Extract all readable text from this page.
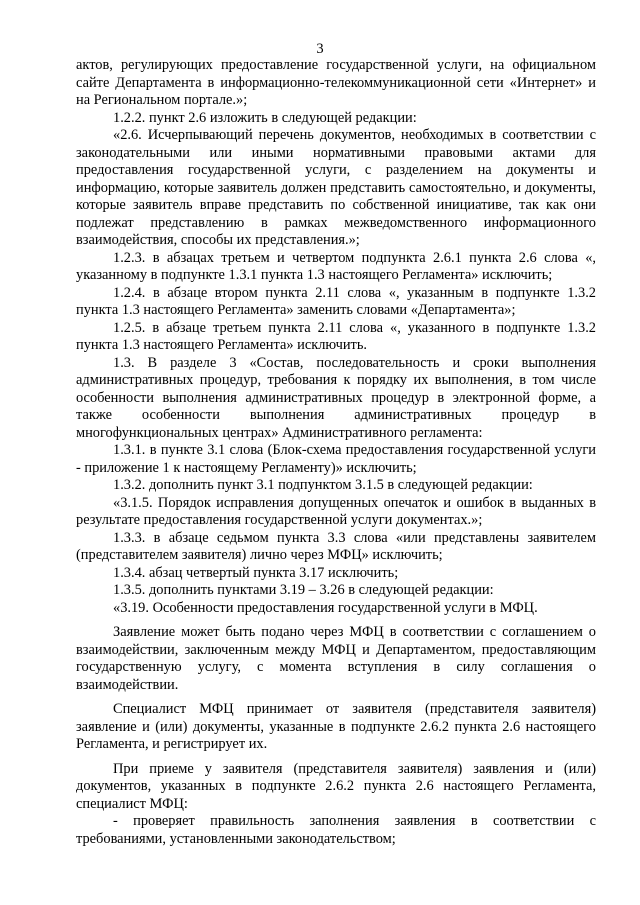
3

актов, регулирующих предоставление государственной услуги, на официальном сайте Департамента в информационно-телекоммуникационной сети «Интернет» и на Региональном портале.»;

1.2.2. пункт 2.6 изложить в следующей редакции:

«2.6. Исчерпывающий перечень документов, необходимых в соответствии с законодательными или иными нормативными правовыми актами для предоставления государственной услуги, с разделением на документы и информацию, которые заявитель должен представить самостоятельно, и документы, которые заявитель вправе представить по собственной инициативе, так как они подлежат представлению в рамках межведомственного информационного взаимодействия, способы их представления.»;

1.2.3. в абзацах третьем и четвертом подпункта 2.6.1 пункта 2.6 слова «, указанному в подпункте 1.3.1 пункта 1.3 настоящего Регламента» исключить;

1.2.4. в абзаце втором пункта 2.11 слова «, указанным в подпункте 1.3.2 пункта 1.3 настоящего Регламента» заменить словами «Департамента»;

1.2.5. в абзаце третьем пункта 2.11 слова «, указанного в подпункте 1.3.2 пункта 1.3 настоящего Регламента» исключить.

1.3. В разделе 3 «Состав, последовательность и сроки выполнения административных процедур, требования к порядку их выполнения, в том числе особенности выполнения административных процедур в электронной форме, а также особенности выполнения административных процедур в многофункциональных центрах» Административного регламента:

1.3.1. в пункте 3.1 слова (Блок-схема предоставления государственной услуги - приложение 1 к настоящему Регламенту)» исключить;

1.3.2. дополнить пункт 3.1 подпунктом 3.1.5 в следующей редакции:

«3.1.5. Порядок исправления допущенных опечаток и ошибок в выданных в результате предоставления государственной услуги документах.»;

1.3.3. в абзаце седьмом пункта 3.3 слова «или представлены заявителем (представителем заявителя) лично через МФЦ» исключить;

1.3.4. абзац четвертый пункта 3.17 исключить;

1.3.5. дополнить пунктами 3.19 – 3.26 в следующей редакции:

«3.19. Особенности предоставления государственной услуги в МФЦ.

Заявление может быть подано через МФЦ в соответствии с соглашением о взаимодействии, заключенным между МФЦ и Департаментом, предоставляющим государственную услугу, с момента вступления в силу соглашения о взаимодействии.

Специалист МФЦ принимает от заявителя (представителя заявителя) заявление и (или) документы, указанные в подпункте 2.6.2 пункта 2.6 настоящего Регламента, и регистрирует их.

При приеме у заявителя (представителя заявителя) заявления и (или) документов, указанных в подпункте 2.6.2 пункта 2.6 настоящего Регламента, специалист МФЦ:

- проверяет правильность заполнения заявления в соответствии с требованиями, установленными законодательством;
